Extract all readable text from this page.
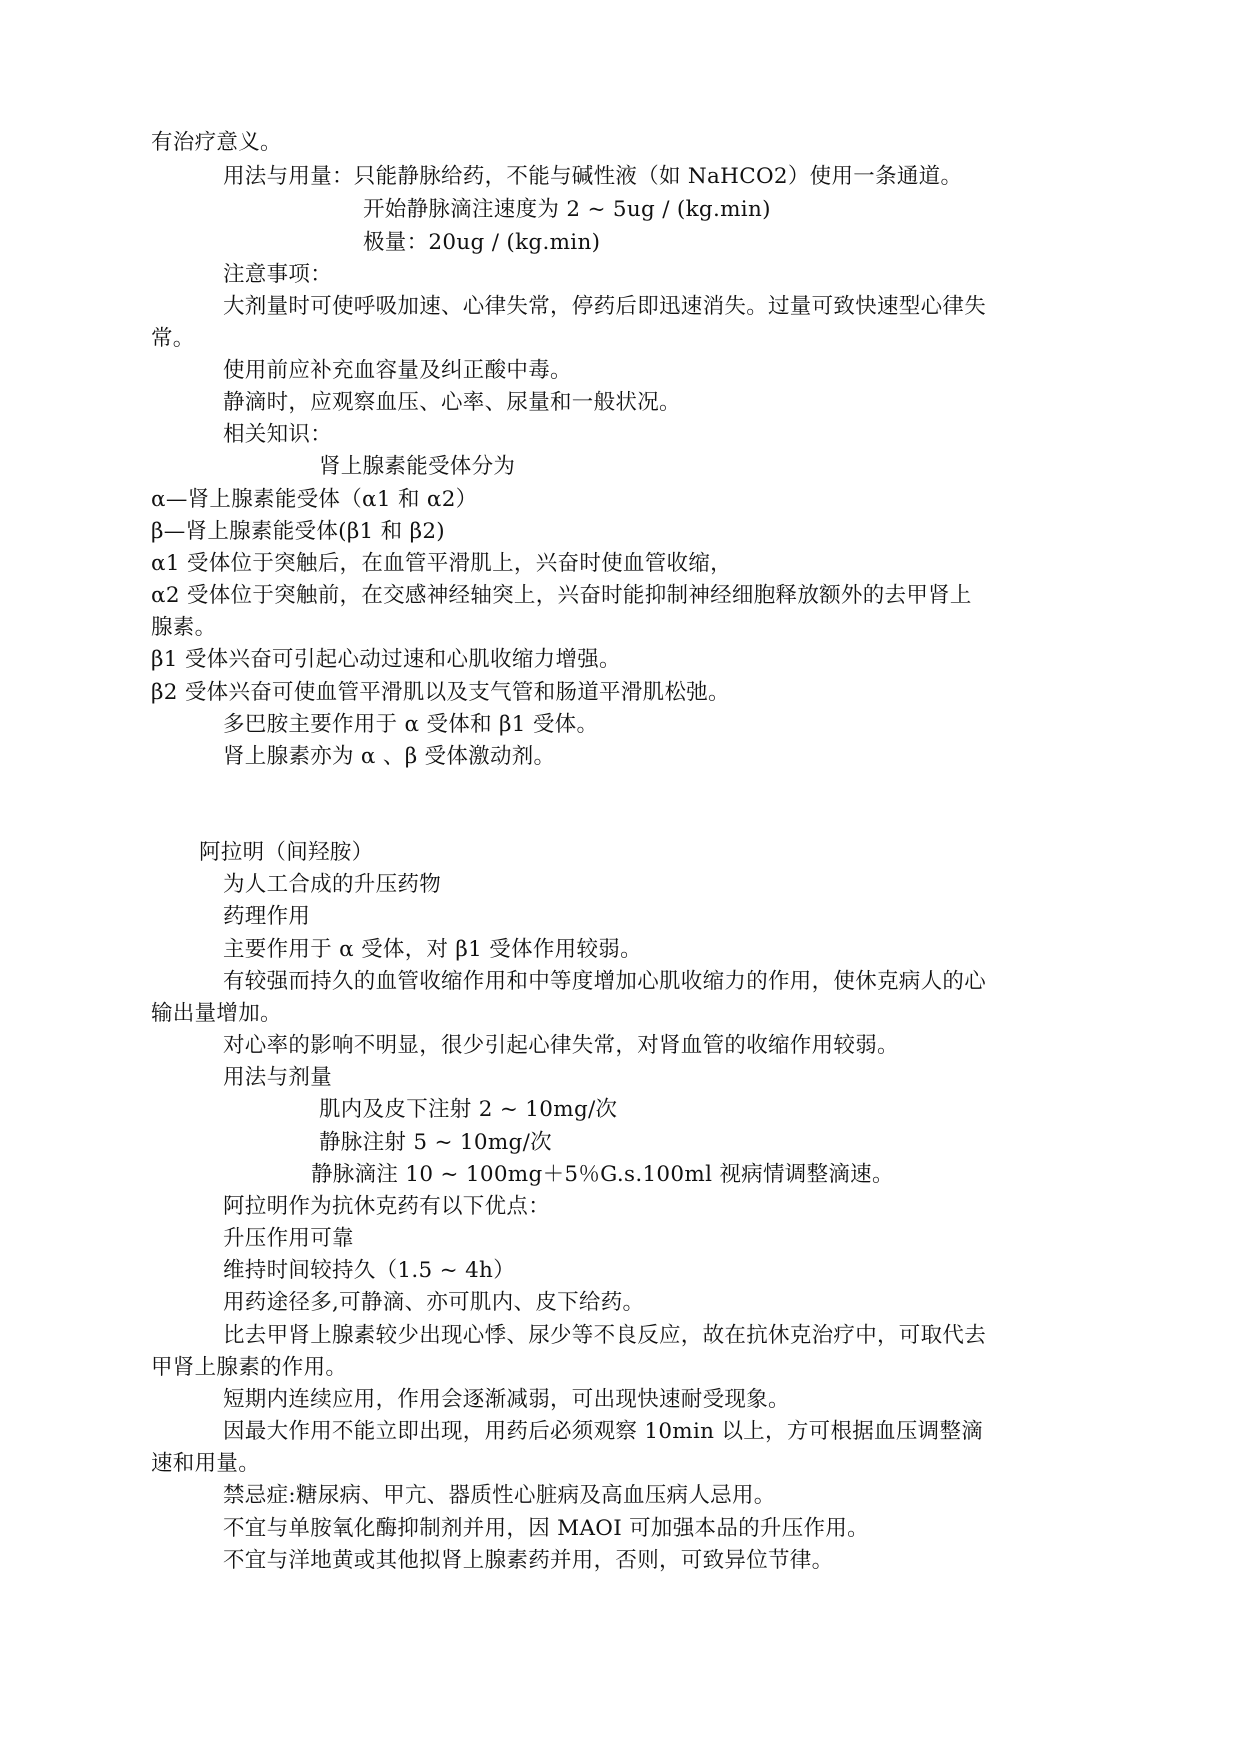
有治疗意义。
用法与用量：只能静脉给药，不能与碱性液（如 NaHCO2）使用一条通道。
开始静脉滴注速度为 2 ~ 5ug / (kg.min)
极量：20ug / (kg.min)
注意事项：
大剂量时可使呼吸加速、心律失常，停药后即迅速消失。过量可致快速型心律失
常。
使用前应补充血容量及纠正酸中毒。
静滴时，应观察血压、心率、尿量和一般状况。
相关知识：
肾上腺素能受体分为
α—肾上腺素能受体（α1 和 α2）
β—肾上腺素能受体(β1 和 β2)
α1 受体位于突触后，在血管平滑肌上，兴奋时使血管收缩，
α2 受体位于突触前，在交感神经轴突上，兴奋时能抑制神经细胞释放额外的去甲肾上
腺素。
β1 受体兴奋可引起心动过速和心肌收缩力增强。
β2 受体兴奋可使血管平滑肌以及支气管和肠道平滑肌松弛。
多巴胺主要作用于 α 受体和 β1 受体。
肾上腺素亦为 α 、β 受体激动剂。
阿拉明（间羟胺）
为人工合成的升压药物
药理作用
主要作用于 α 受体，对 β1 受体作用较弱。
有较强而持久的血管收缩作用和中等度增加心肌收缩力的作用，使休克病人的心
输出量增加。
对心率的影响不明显，很少引起心律失常，对肾血管的收缩作用较弱。
用法与剂量
肌内及皮下注射 2 ~ 10mg/次
静脉注射 5 ~ 10mg/次
静脉滴注 10 ~ 100mg＋5％G.s.100ml 视病情调整滴速。
阿拉明作为抗休克药有以下优点：
升压作用可靠
维持时间较持久（1.5 ~ 4h）
用药途径多,可静滴、亦可肌内、皮下给药。
比去甲肾上腺素较少出现心悸、尿少等不良反应，故在抗休克治疗中，可取代去
甲肾上腺素的作用。
短期内连续应用，作用会逐渐减弱，可出现快速耐受现象。
因最大作用不能立即出现，用药后必须观察 10min 以上，方可根据血压调整滴
速和用量。
禁忌症:糖尿病、甲亢、器质性心脏病及高血压病人忌用。
不宜与单胺氧化酶抑制剂并用，因 MAOI 可加强本品的升压作用。
不宜与洋地黄或其他拟肾上腺素药并用，否则，可致异位节律。
